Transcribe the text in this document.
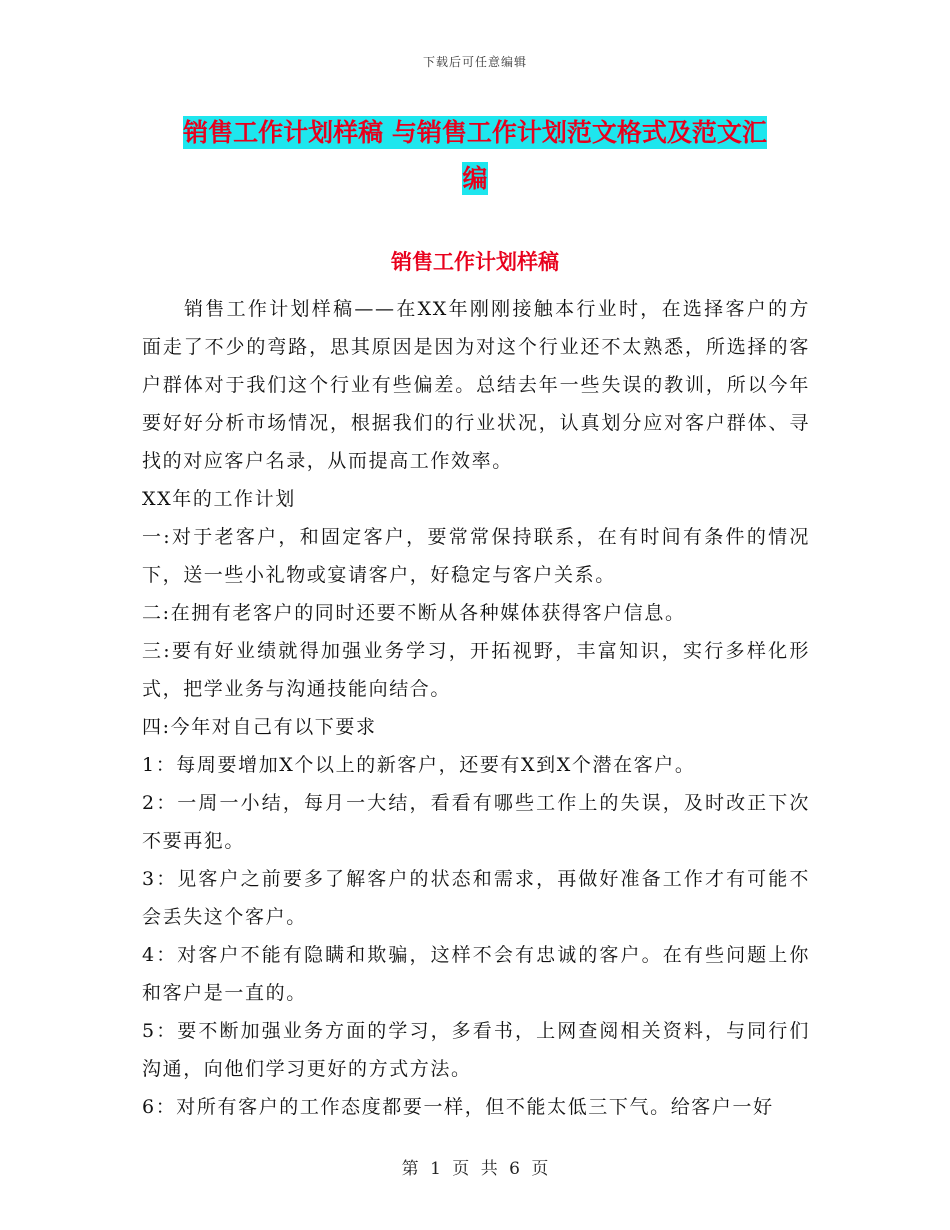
下载后可任意编辑
销售工作计划样稿 与销售工作计划范文格式及范文汇
编
销售工作计划样稿

销售工作计划样稿——在XX年刚刚接触本行业时，在选择客户的方面走了不少的弯路，思其原因是因为对这个行业还不太熟悉，所选择的客户群体对于我们这个行业有些偏差。总结去年一些失误的教训，所以今年要好好分析市场情况，根据我们的行业状况，认真划分应对客户群体、寻找的对应客户名录，从而提高工作效率。

XX年的工作计划

一:对于老客户，和固定客户，要常常保持联系，在有时间有条件的情况下，送一些小礼物或宴请客户，好稳定与客户关系。

二:在拥有老客户的同时还要不断从各种媒体获得客户信息。

三:要有好业绩就得加强业务学习，开拓视野，丰富知识，实行多样化形式，把学业务与沟通技能向结合。

四:今年对自己有以下要求

1：每周要增加X个以上的新客户，还要有X到X个潜在客户。

2：一周一小结，每月一大结，看看有哪些工作上的失误，及时改正下次不要再犯。

3：见客户之前要多了解客户的状态和需求，再做好准备工作才有可能不会丢失这个客户。

4：对客户不能有隐瞒和欺骗，这样不会有忠诚的客户。在有些问题上你和客户是一直的。

5：要不断加强业务方面的学习，多看书，上网查阅相关资料，与同行们沟通，向他们学习更好的方式方法。

6：对所有客户的工作态度都要一样，但不能太低三下气。给客户一好

第 1 页 共 6 页
